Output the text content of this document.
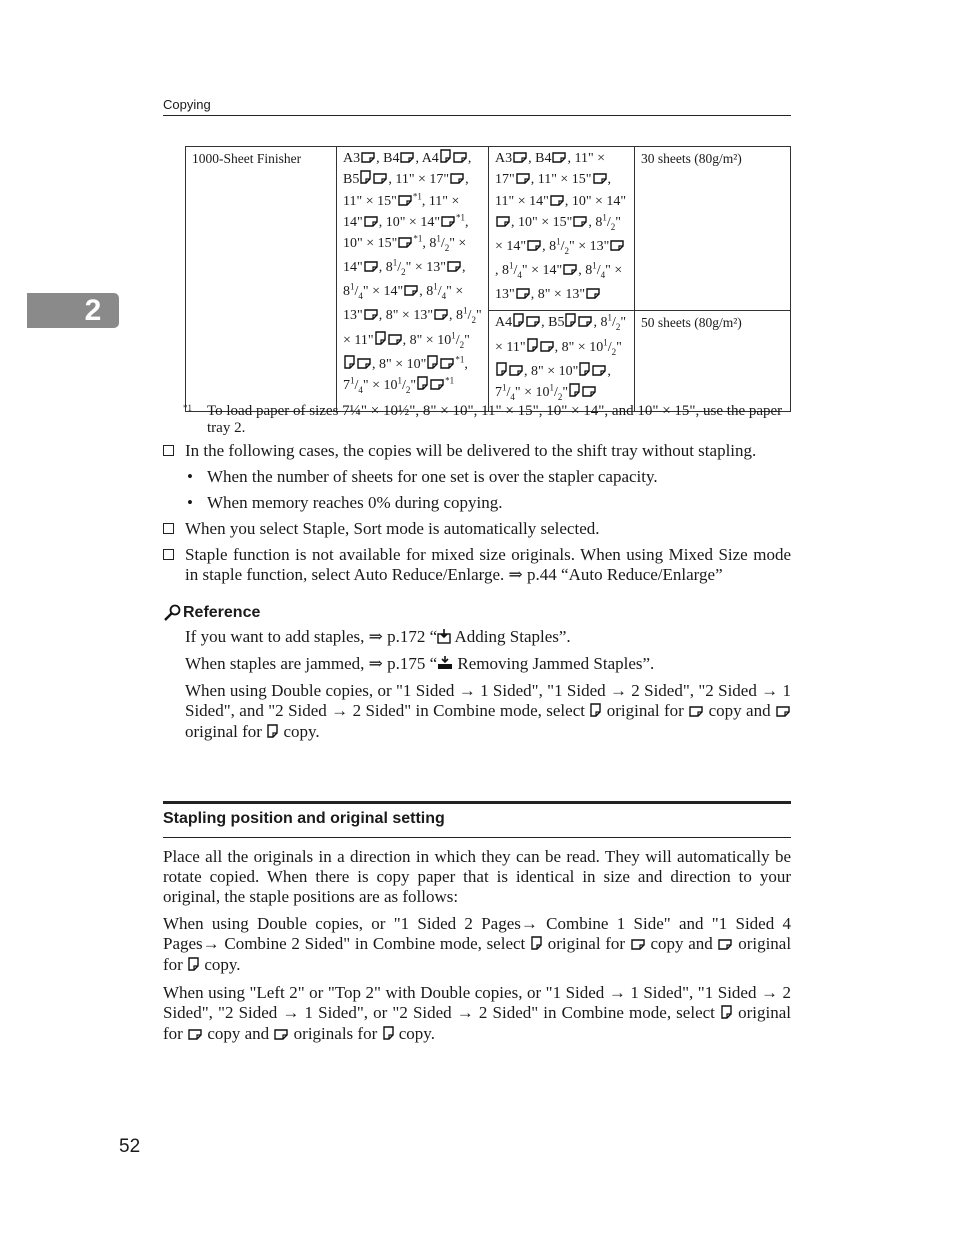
Copying
2
1000-Sheet Finisher	A3 , B4 , A4 , B5 , 11" × 17" , 11" × 15" $^{*1}$, 11" × 14" , 10" × 14" $^{*1}$, 10" × 15" $^{*1}$, $8^1/_2$" × 14" , $8^1/_2$" × 13" , $8^1/_4$" × 14" , $8^1/_4$" × 13" , 8" × 13" , $8^1/_2$" × 11" , 8" × $10^1/_2$", 8" × 10" $^{*1}$, $7^1/_4$" × $10^1/_2$" $^{*1}$	A3 , B4 , 11" × 17" , 11" × 15" , 11" × 14" , 10" × 14", 10" × 15" , $8^1/_2$" × 14" , $8^1/_2$" × 13", $8^1/_4$" × 14" , $8^1/_4$" × 13" , 8" × 13"	30 sheets (80g/m²)
		A4 , B5 , $8^1/_2$" × 11" , 8" × $10^1/_2$", 8" × 10" , $7^1/_4$" × $10^1/_2$"	50 sheets (80g/m²)
*1	To load paper of sizes 7¼" × 10½", 8" × 10", 11" × 15", 10" × 14", and 10" × 15", use the paper tray 2.
In the following cases, the copies will be delivered to the shift tray without stapling.
• When the number of sheets for one set is over the stapler capacity.
• When memory reaches 0% during copying.
When you select Staple, Sort mode is automatically selected.
Staple function is not available for mixed size originals. When using Mixed Size mode in staple function, select Auto Reduce/Enlarge. ⇒ p.44 “Auto Reduce/Enlarge”
Reference
If you want to add staples, ⇒ p.172 “ Adding Staples”.
When staples are jammed, ⇒ p.175 “ Removing Jammed Staples”.
When using Double copies, or "1 Sided → 1 Sided", "1 Sided → 2 Sided", "2 Sided → 1 Sided", and "2 Sided → 2 Sided" in Combine mode, select original for copy and  original for copy.
Stapling position and original setting

Place all the originals in a direction in which they can be read. They will automatically be rotate copied. When there is copy paper that is identical in size and direction to your original, the staple positions are as follows:

When using Double copies, or "1 Sided 2 Pages→ Combine 1 Side" and "1 Sided 4 Pages→ Combine 2 Sided" in Combine mode, select original for copy and original for copy.

When using "Left 2" or "Top 2" with Double copies, or "1 Sided → 1 Sided", "1 Sided → 2 Sided", "2 Sided → 1 Sided", or "2 Sided → 2 Sided" in Combine mode, select original for copy and originals for copy.

52
